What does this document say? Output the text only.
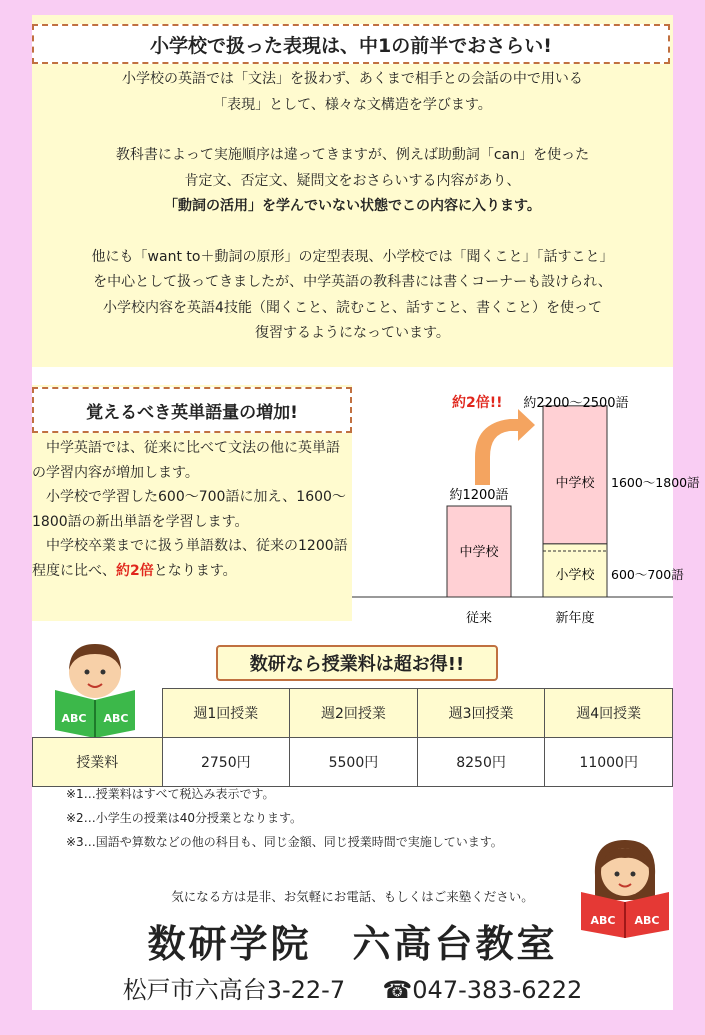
小学校で扱った表現は、中1の前半でおさらい!

小学校の英語では「文法」を扱わず、あくまで相手との会話の中で用いる

「表現」として、様々な文構造を学びます。

教科書によって実施順序は違ってきますが、例えば助動詞「can」を使った

肯定文、否定文、疑問文をおさらいする内容があり、

「動詞の活用」を学んでいない状態でこの内容に入ります。

他にも「want to＋動詞の原形」の定型表現、小学校では「聞くこと」「話すこと」

を中心として扱ってきましたが、中学英語の教科書には書くコーナーも設けられ、

小学校内容を英語4技能（聞くこと、読むこと、話すこと、書くこと）を使って

復習するようになっています。

覚えるべき英単語量の増加!

　中学英語では、従来に比べて文法の他に英単語の学習内容が増加します。

　小学校で学習した600〜700語に加え、1600〜1800語の新出単語を学習します。

　中学校卒業までに扱う単語数は、従来の1200語程度に比べ、約2倍となります。

従来	新年度
約1200語
約2200〜2500語
中学校
中学校
小学校
1600〜1800語
600〜700語
約2倍!!
ABC ABC
数研なら授業料は超お得!!
	週1回授業	週2回授業	週3回授業	週4回授業
授業料	2750円	5500円	8250円	11000円

※1…授業料はすべて税込み表示です。

※2…小学生の授業は40分授業となります。

※3…国語や算数などの他の科目も、同じ金額、同じ授業時間で実施しています。

ABC ABC
気になる方は是非、お気軽にお電話、もしくはご来塾ください。
数研学院　六高台教室
松戸市六高台3-22-7 ☎047-383-6222
